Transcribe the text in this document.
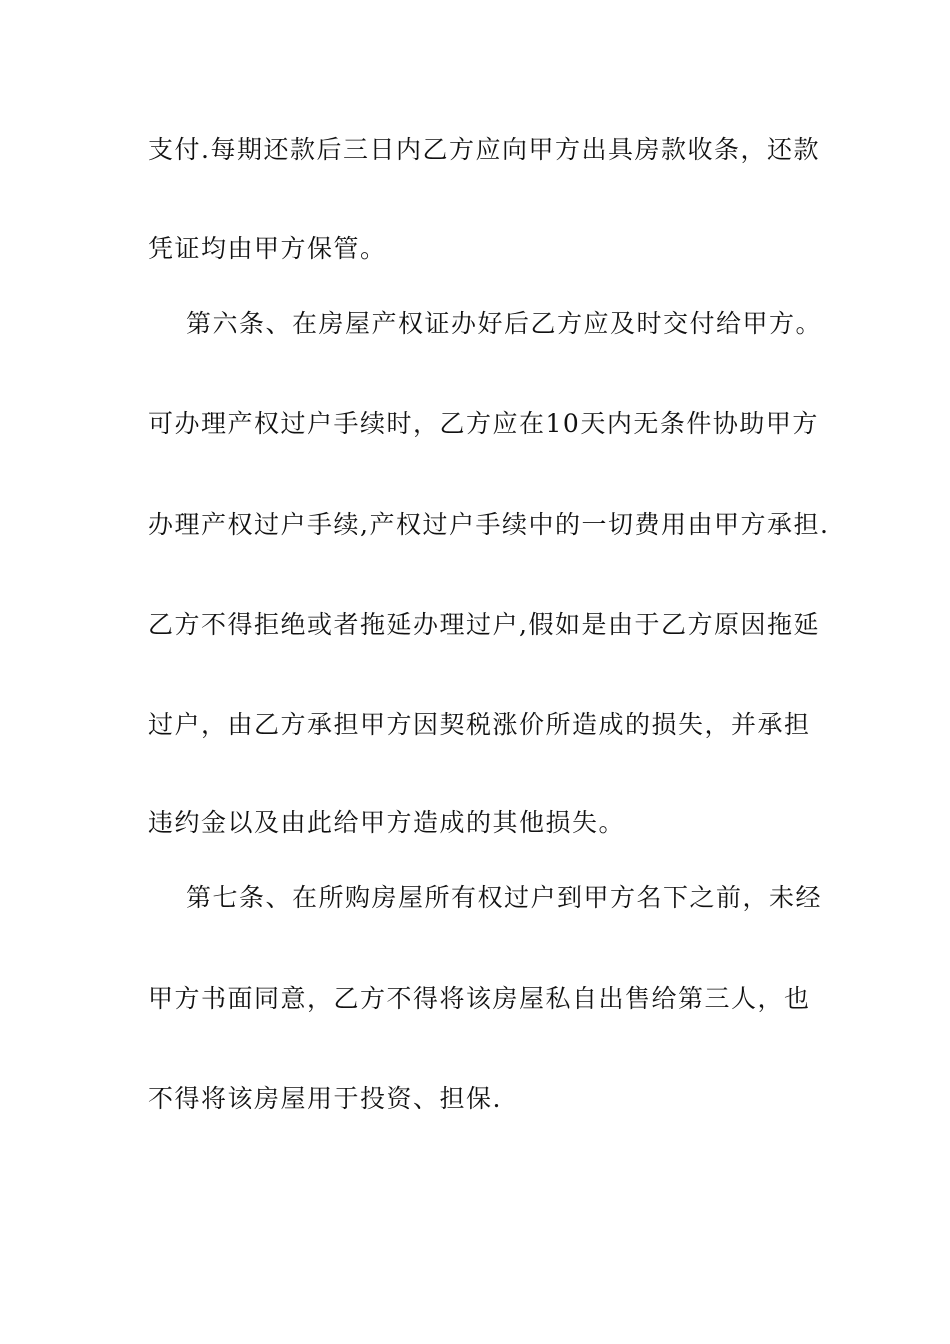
支付.每期还款后三日内乙方应向甲方出具房款收条，还款
凭证均由甲方保管。
第六条、在房屋产权证办好后乙方应及时交付给甲方。
可办理产权过户手续时，乙方应在10天内无条件协助甲方
办理产权过户手续,产权过户手续中的一切费用由甲方承担.
乙方不得拒绝或者拖延办理过户,假如是由于乙方原因拖延
过户，由乙方承担甲方因契税涨价所造成的损失，并承担
违约金以及由此给甲方造成的其他损失。
第七条、在所购房屋所有权过户到甲方名下之前，未经
甲方书面同意，乙方不得将该房屋私自出售给第三人，也
不得将该房屋用于投资、担保.
